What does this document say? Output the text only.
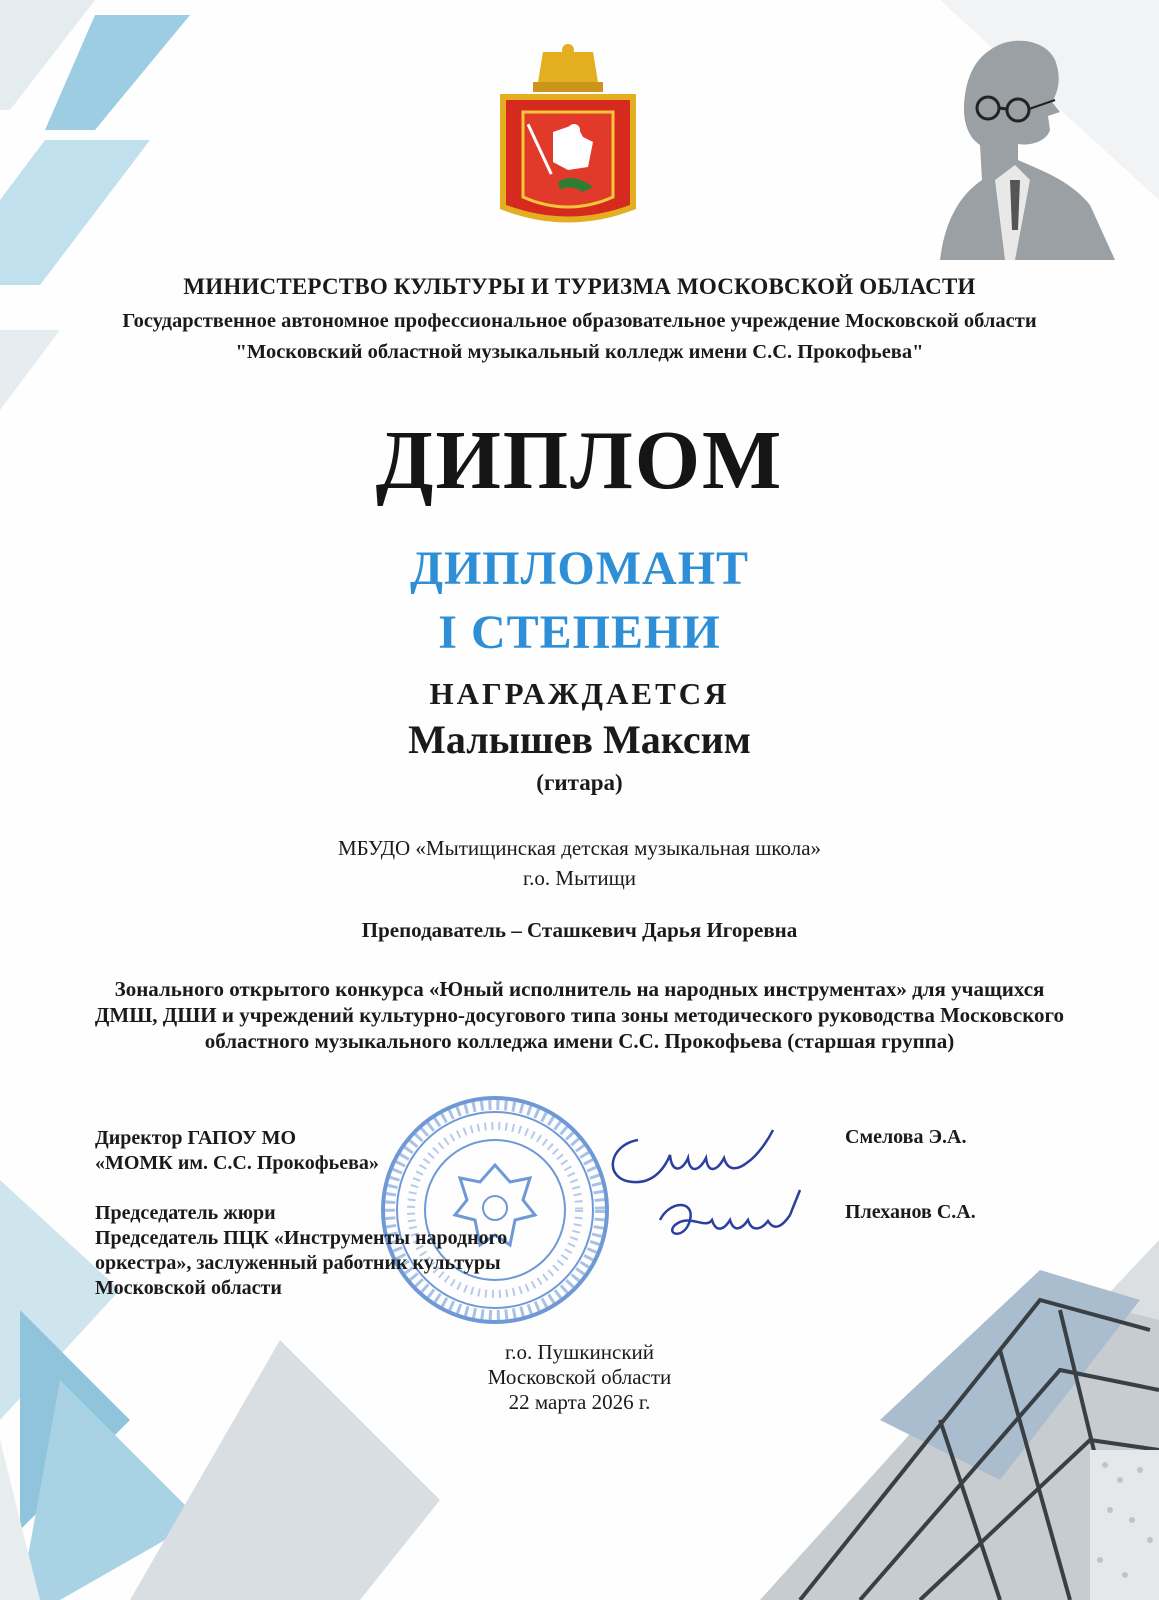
МИНИСТЕРСТВО КУЛЬТУРЫ И ТУРИЗМА МОСКОВСКОЙ ОБЛАСТИ
Государственное автономное профессиональное образовательное учреждение Московской области
"Московский областной музыкальный колледж имени С.С. Прокофьева"
ДИПЛОМ
ДИПЛОМАНТ
I СТЕПЕНИ
НАГРАЖДАЕТСЯ
Малышев Максим
(гитара)
МБУДО «Мытищинская детская музыкальная школа»
г.о. Мытищи
Преподаватель – Сташкевич Дарья Игоревна
Зонального открытого конкурса «Юный исполнитель на народных инструментах» для учащихся ДМШ, ДШИ и учреждений культурно-досугового типа зоны методического руководства Московского областного музыкального колледжа имени С.С. Прокофьева (старшая группа)
Директор ГАПОУ МО
«МОМК им. С.С. Прокофьева»
Смелова Э.А.
Председатель жюри
Председатель ПЦК «Инструменты народного
оркестра», заслуженный работник культуры
Московской области
Плеханов С.А.
г.о. Пушкинский
Московской области
22 марта 2026 г.
